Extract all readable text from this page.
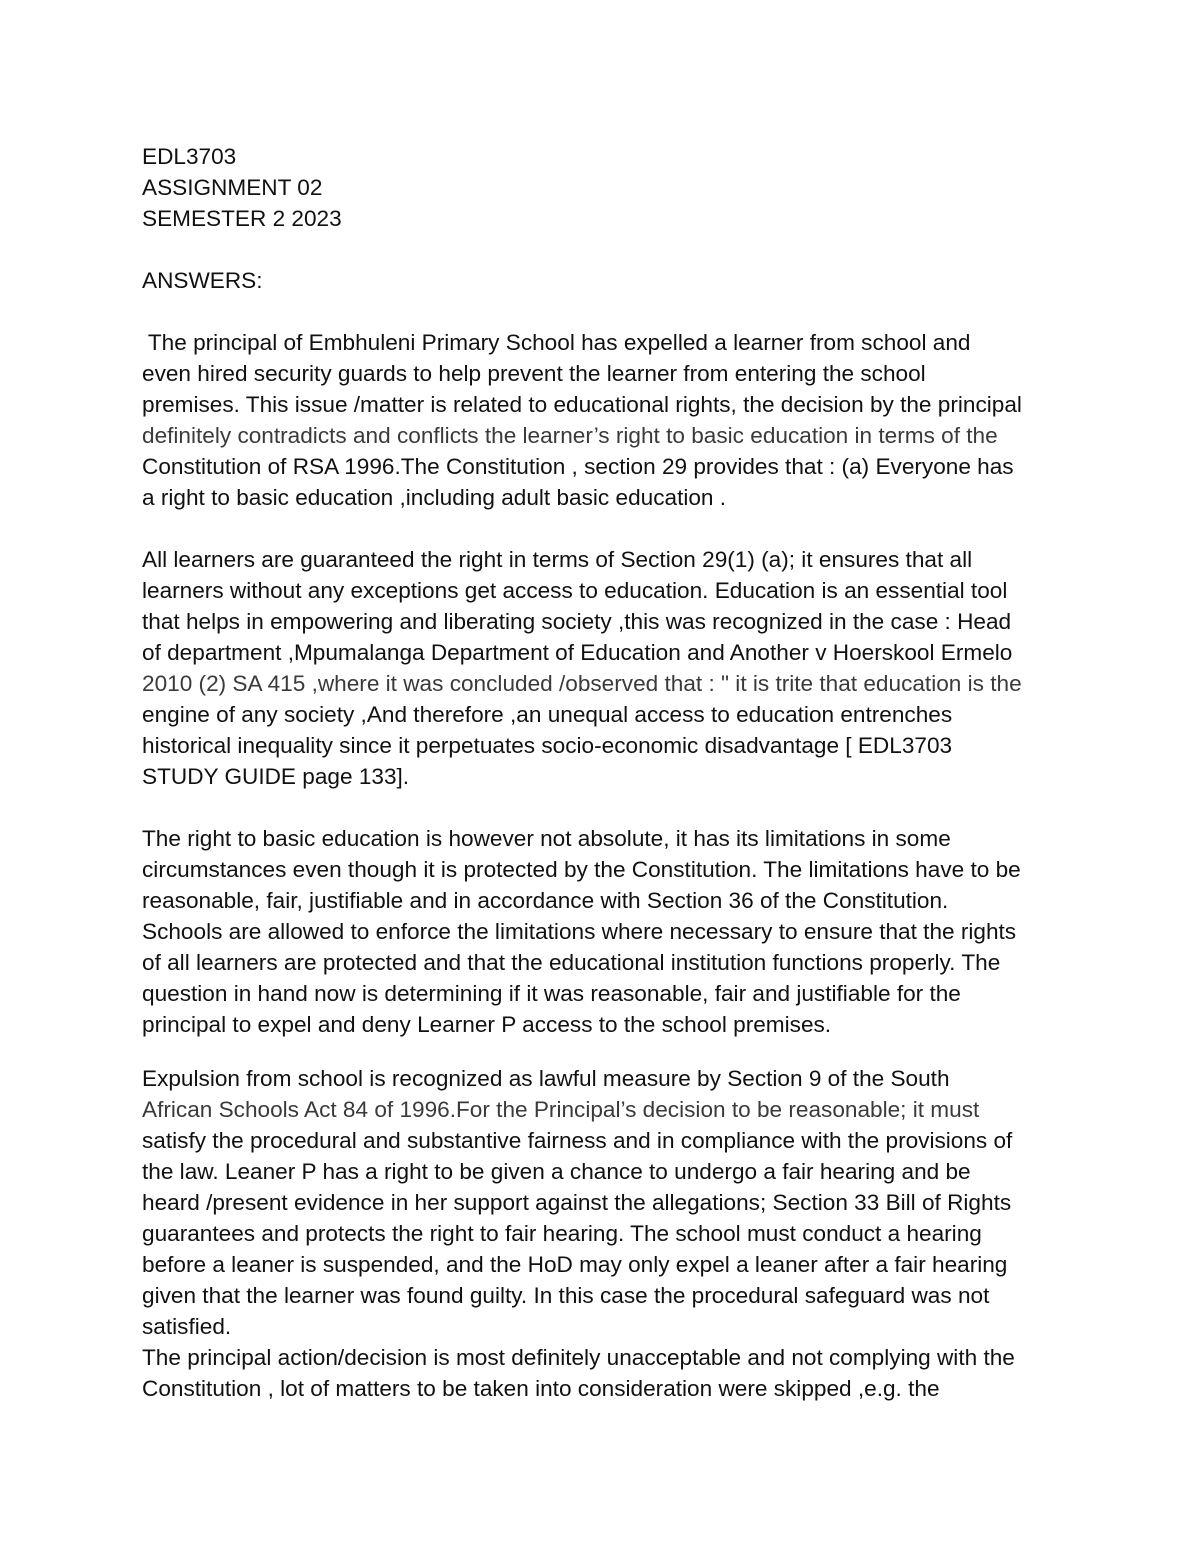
EDL3703
ASSIGNMENT 02
SEMESTER 2 2023
ANSWERS:
The principal of Embhuleni Primary School has expelled a learner from school and
even hired security guards to help prevent the learner from entering the school
premises. This issue /matter is related to educational rights, the decision by the principal
definitely contradicts and conflicts the learner’s right to basic education in terms of the
Constitution of RSA 1996.The Constitution , section 29 provides that : (a) Everyone has
a right to basic education ,including adult basic education .
All learners are guaranteed the right in terms of Section 29(1) (a); it ensures that all
learners without any exceptions get access to education. Education is an essential tool
that helps in empowering and liberating society ,this was recognized in the case : Head
of department ,Mpumalanga Department of Education and Another v Hoerskool Ermelo
2010 (2) SA 415 ,where it was concluded /observed that : " it is trite that education is the
engine of any society ,And therefore ,an unequal access to education entrenches
historical inequality since it perpetuates socio-economic disadvantage [ EDL3703
STUDY GUIDE page 133].
The right to basic education is however not absolute, it has its limitations in some
circumstances even though it is protected by the Constitution. The limitations have to be
reasonable, fair, justifiable and in accordance with Section 36 of the Constitution.
Schools are allowed to enforce the limitations where necessary to ensure that the rights
of all learners are protected and that the educational institution functions properly. The
question in hand now is determining if it was reasonable, fair and justifiable for the
principal to expel and deny Learner P access to the school premises.
Expulsion from school is recognized as lawful measure by Section 9 of the South
African Schools Act 84 of 1996.For the Principal’s decision to be reasonable; it must
satisfy the procedural and substantive fairness and in compliance with the provisions of
the law. Leaner P has a right to be given a chance to undergo a fair hearing and be
heard /present evidence in her support against the allegations; Section 33 Bill of Rights
guarantees and protects the right to fair hearing. The school must conduct a hearing
before a leaner is suspended, and the HoD may only expel a leaner after a fair hearing
given that the learner was found guilty. In this case the procedural safeguard was not
satisfied.
The principal action/decision is most definitely unacceptable and not complying with the
Constitution , lot of matters to be taken into consideration were skipped ,e.g. the
